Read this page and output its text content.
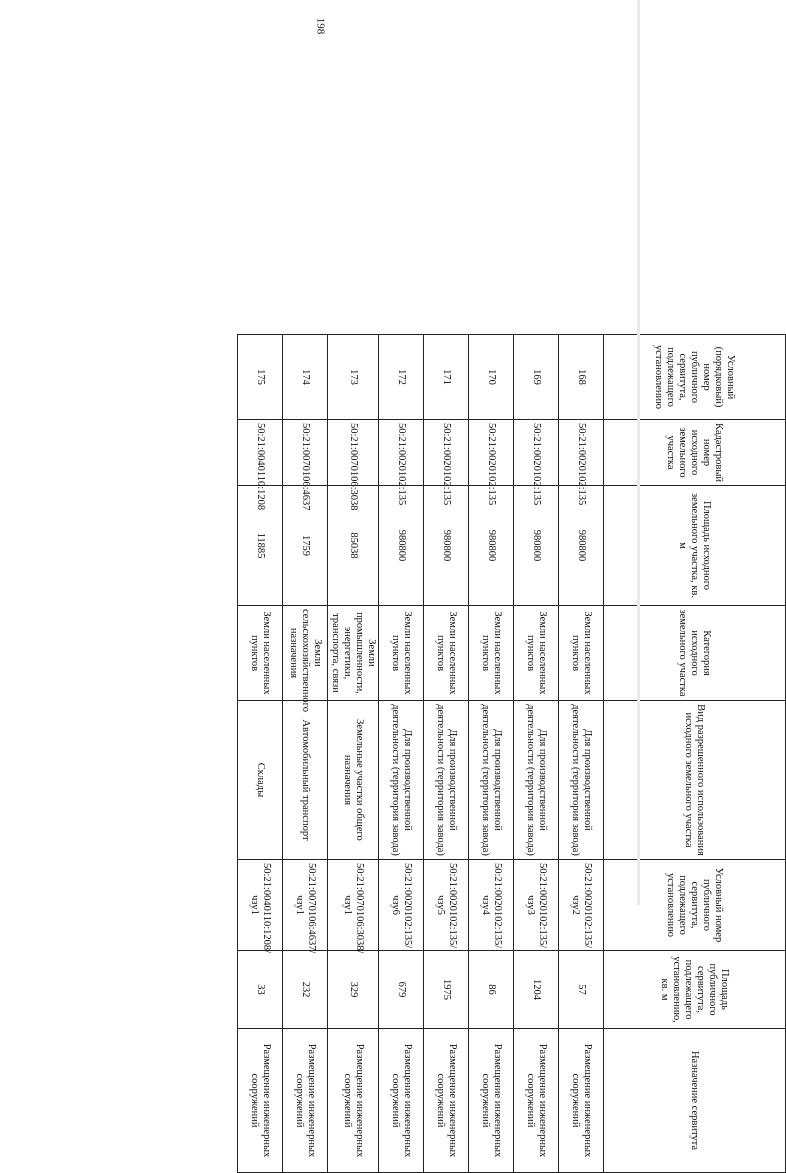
198
Условный (порядковый) номер публичного сервитута, подлежащего установлению	Кадастровый номер исходного земельного участка	Площадь исходного земельного участка, кв. м	Категория исходного земельного участка	Вид разрешенного использования исходного земельного участка	Условный номер публичного сервитута, подлежащего установлению	Площадь публичного сервитута, подлежащего установлению, кв. м	Назначение сервитута
168	50:21:0020102:135	980800	Земли населенных пунктов	Для производственной деятельности (территория завода)	50:21:0020102:135/чзу2	57	Размещение инженерных сооружений
169	50:21:0020102:135	980800	Земли населенных пунктов	Для производственной деятельности (территория завода)	50:21:0020102:135/чзу3	1204	Размещение инженерных сооружений
170	50:21:0020102:135	980800	Земли населенных пунктов	Для производственной деятельности (территория завода)	50:21:0020102:135/чзу4	86	Размещение инженерных сооружений
171	50:21:0020102:135	980800	Земли населенных пунктов	Для производственной деятельности (территория завода)	50:21:0020102:135/чзу5	1975	Размещение инженерных сооружений
172	50:21:0020102:135	980800	Земли населенных пунктов	Для производственной деятельности (территория завода)	50:21:0020102:135/чзу6	679	Размещение инженерных сооружений
173	50:21:0070106:3038	85038	Земли промышленности, энергетики, транспорта, связи	Земельные участки общего назначения	50:21:0070106:3038/чзу1	329	Размещение инженерных сооружений
174	50:21:0070106:4637	1759	Земли сельскохозяйственного назначения	Автомобильный транспорт	50:21:0070106:4637/чзу1	232	Размещение инженерных сооружений
175	50:21:0040110:1208	11885	Земли населенных пунктов	Склады	50:21:0040110:1208/чзу1	33	Размещение инженерных сооружений
